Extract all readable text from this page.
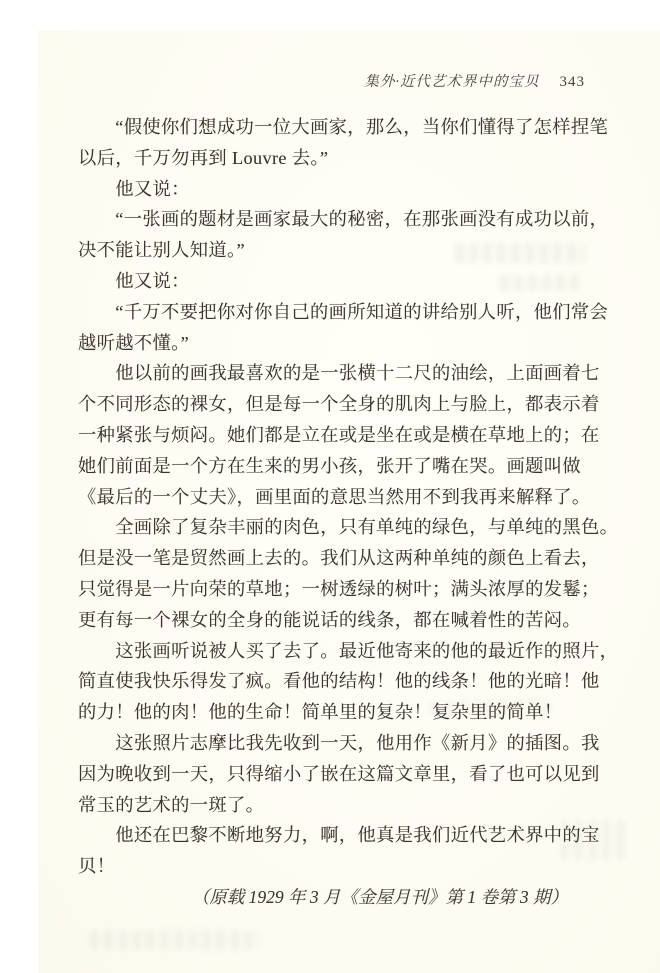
集外·近代艺术界中的宝贝 343
　　“假使你们想成功一位大画家，那么，当你们懂得了怎样捏笔
以后，千万勿再到 Louvre 去。”
　　他又说：
　　“一张画的题材是画家最大的秘密，在那张画没有成功以前，
决不能让别人知道。”
　　他又说：
　　“千万不要把你对你自己的画所知道的讲给别人听，他们常会
越听越不懂。”
　　他以前的画我最喜欢的是一张横十二尺的油绘，上面画着七
个不同形态的裸女，但是每一个全身的肌肉上与脸上，都表示着
一种紧张与烦闷。她们都是立在或是坐在或是横在草地上的；在
她们前面是一个方在生来的男小孩，张开了嘴在哭。画题叫做
《最后的一个丈夫》，画里面的意思当然用不到我再来解释了。
　　全画除了复杂丰丽的肉色，只有单纯的绿色，与单纯的黑色。
但是没一笔是贸然画上去的。我们从这两种单纯的颜色上看去，
只觉得是一片向荣的草地；一树透绿的树叶；满头浓厚的发鬈；
更有每一个裸女的全身的能说话的线条，都在喊着性的苦闷。
　　这张画听说被人买了去了。最近他寄来的他的最近作的照片，
简直使我快乐得发了疯。看他的结构！他的线条！他的光暗！他
的力！他的肉！他的生命！简单里的复杂！复杂里的简单！
　　这张照片志摩比我先收到一天，他用作《新月》的插图。我
因为晚收到一天，只得缩小了嵌在这篇文章里，看了也可以见到
常玉的艺术的一斑了。
　　他还在巴黎不断地努力，啊，他真是我们近代艺术界中的宝
贝！
（原载 1929 年 3 月《金屋月刊》第 1 卷第 3 期）
